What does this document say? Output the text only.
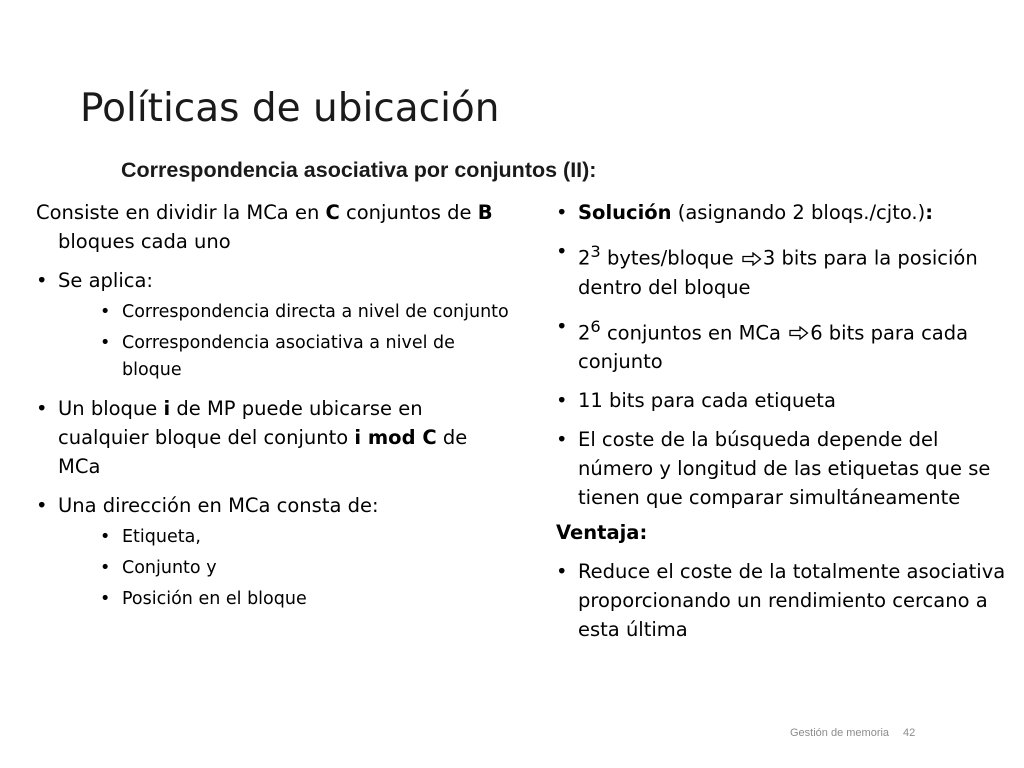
Políticas de ubicación
Correspondencia asociativa por conjuntos (II):

Consiste en dividir la MCa en C conjuntos de B bloques cada uno

• Se aplica:
• Correspondencia directa a nivel de conjunto
• Correspondencia asociativa a nivel de bloque
• Un bloque i de MP puede ubicarse en cualquier bloque del conjunto i mod C de MCa
• Una dirección en MCa consta de:
• Etiqueta,
• Conjunto y
• Posición en el bloque
• Solución (asignando 2 bloqs./cjto.):
• $2^3$ bytes/bloque 3 bits para la posición dentro del bloque
• $2^6$ conjuntos en MCa 6 bits para cada conjunto
• 11 bits para cada etiqueta
• El coste de la búsqueda depende del número y longitud de las etiquetas que se tienen que comparar simultáneamente
Ventaja:
• Reduce el coste de la totalmente asociativa proporcionando un rendimiento cercano a esta última
Gestión de memoria 42
